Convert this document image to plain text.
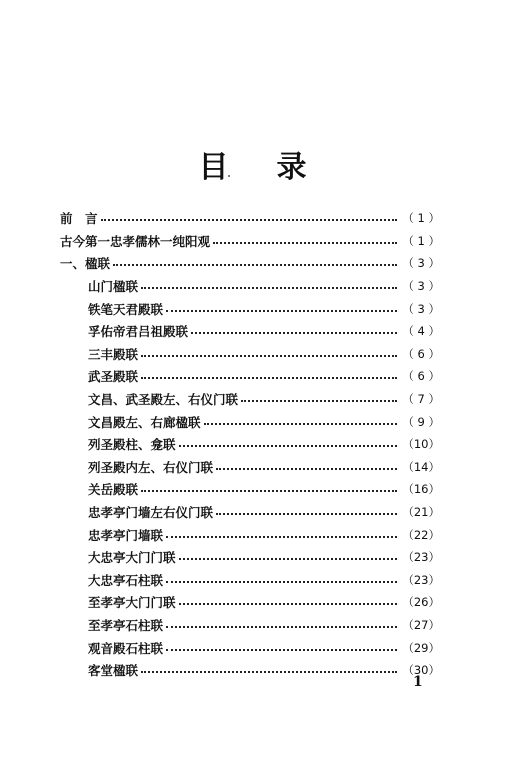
目 录
前　言	（ 1 ）
古今第一忠孝儒林一纯阳观	（ 1 ）
一、楹联	（ 3 ）
山门楹联	（ 3 ）
铁笔天君殿联	（ 3 ）
孚佑帝君吕祖殿联	（ 4 ）
三丰殿联	（ 6 ）
武圣殿联	（ 6 ）
文昌、武圣殿左、右仪门联	（ 7 ）
文昌殿左、右廊楹联	（ 9 ）
列圣殿柱、龛联	（10）
列圣殿内左、右仪门联	（14）
关岳殿联	（16）
忠孝亭门墙左右仪门联	（21）
忠孝亭门墙联	（22）
大忠亭大门门联	（23）
大忠亭石柱联	（23）
至孝亭大门门联	（26）
至孝亭石柱联	（27）
观音殿石柱联	（29）
客堂楹联	（30）
1
